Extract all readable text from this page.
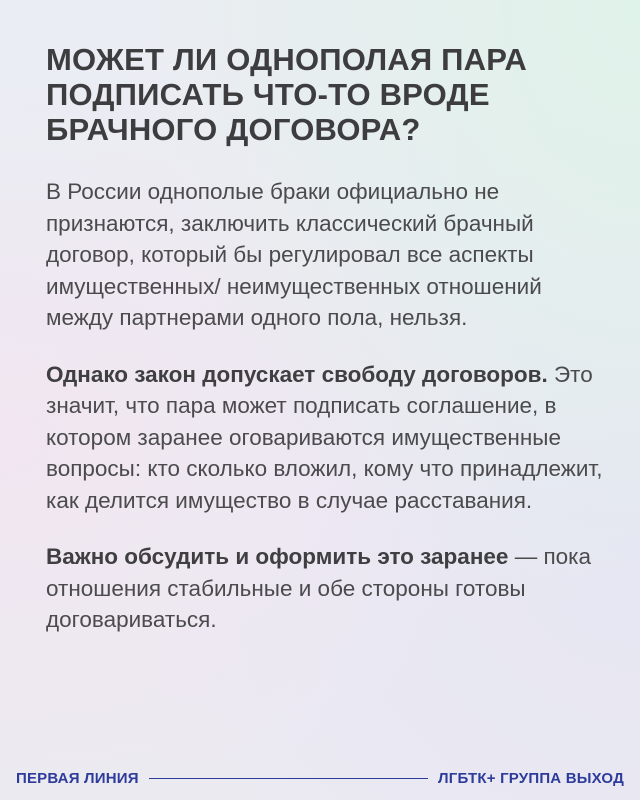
МОЖЕТ ЛИ ОДНОПОЛАЯ ПАРА ПОДПИСАТЬ ЧТО-ТО ВРОДЕ БРАЧНОГО ДОГОВОРА?

В России однополые браки официально не признаются, заключить классический брачный договор, который бы регулировал все аспекты имущественных/ неимущественных отношений между партнерами одного пола, нельзя.

Однако закон допускает свободу договоров. Это значит, что пара может подписать соглашение, в котором заранее оговариваются имущественные вопросы: кто сколько вложил, кому что принадлежит, как делится имущество в случае расставания.

Важно обсудить и оформить это заранее — пока отношения стабильные и обе стороны готовы договариваться.

ПЕРВАЯ ЛИНИЯ	ЛГБТК+ ГРУППА ВЫХОД
